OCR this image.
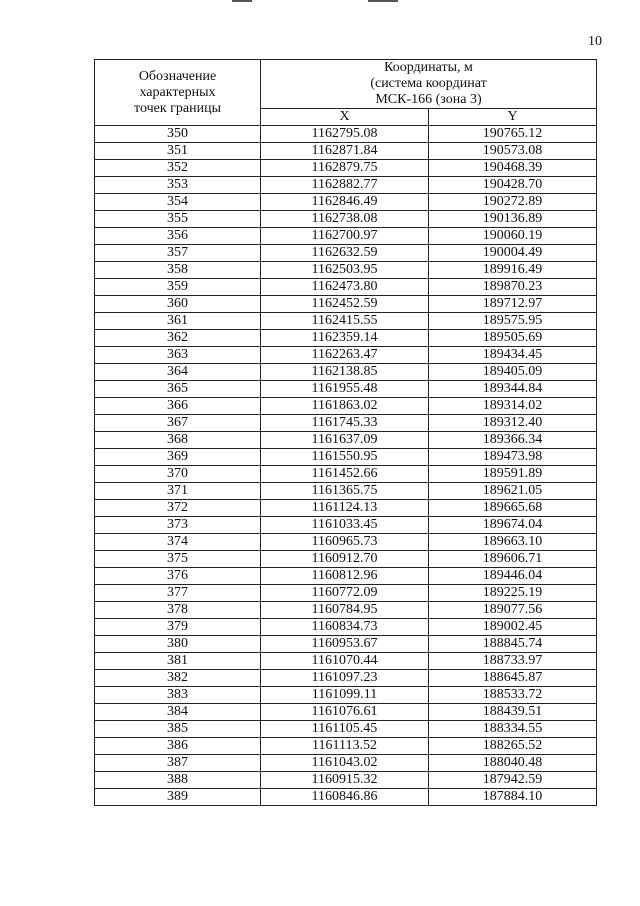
10
Обозначение
характерных
точек границы	Координаты, м
(система координат
МСК-166 (зона 3)	

	X	Y
350	1162795.08	190765.12
351	1162871.84	190573.08
352	1162879.75	190468.39
353	1162882.77	190428.70
354	1162846.49	190272.89
355	1162738.08	190136.89
356	1162700.97	190060.19
357	1162632.59	190004.49
358	1162503.95	189916.49
359	1162473.80	189870.23
360	1162452.59	189712.97
361	1162415.55	189575.95
362	1162359.14	189505.69
363	1162263.47	189434.45
364	1162138.85	189405.09
365	1161955.48	189344.84
366	1161863.02	189314.02
367	1161745.33	189312.40
368	1161637.09	189366.34
369	1161550.95	189473.98
370	1161452.66	189591.89
371	1161365.75	189621.05
372	1161124.13	189665.68
373	1161033.45	189674.04
374	1160965.73	189663.10
375	1160912.70	189606.71
376	1160812.96	189446.04
377	1160772.09	189225.19
378	1160784.95	189077.56
379	1160834.73	189002.45
380	1160953.67	188845.74
381	1161070.44	188733.97
382	1161097.23	188645.87
383	1161099.11	188533.72
384	1161076.61	188439.51
385	1161105.45	188334.55
386	1161113.52	188265.52
387	1161043.02	188040.48
388	1160915.32	187942.59
389	1160846.86	187884.10
